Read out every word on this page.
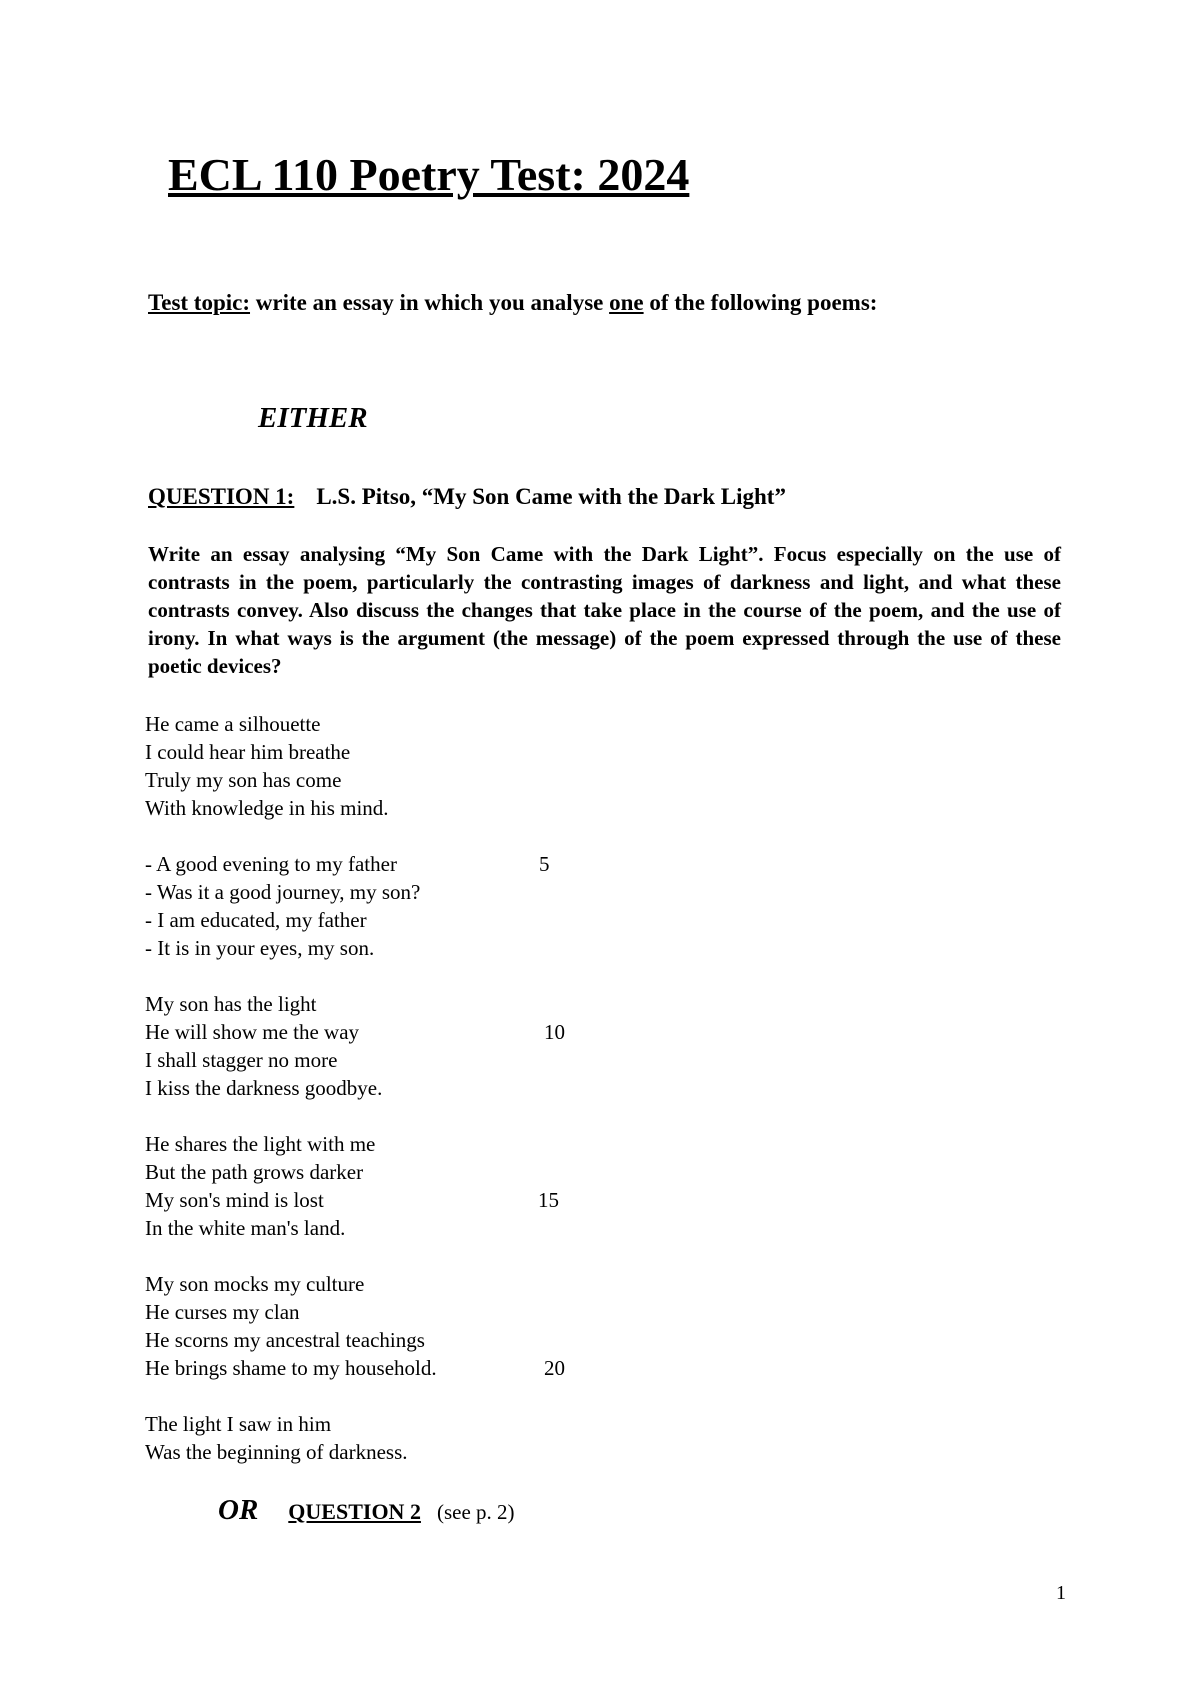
ECL 110 Poetry Test: 2024
Test topic: write an essay in which you analyse one of the following poems:
EITHER
QUESTION 1: L.S. Pitso, “My Son Came with the Dark Light”

Write an essay analysing “My Son Came with the Dark Light”. Focus especially on the use of contrasts in the poem, particularly the contrasting images of darkness and light, and what these contrasts convey. Also discuss the changes that take place in the course of the poem, and the use of irony. In what ways is the argument (the message) of the poem expressed through the use of these poetic devices?

He came a silhouette
I could hear him breathe
Truly my son has come
With knowledge in his mind.
- A good evening to my father	5
- Was it a good journey, my son?
- I am educated, my father
- It is in your eyes, my son.
My son has the light
He will show me the way	10
I shall stagger no more
I kiss the darkness goodbye.
He shares the light with me
But the path grows darker
My son's mind is lost	15
In the white man's land.
My son mocks my culture
He curses my clan
He scorns my ancestral teachings
He brings shame to my household.	20
The light I saw in him
Was the beginning of darkness.
OR QUESTION 2 (see p. 2)
1
